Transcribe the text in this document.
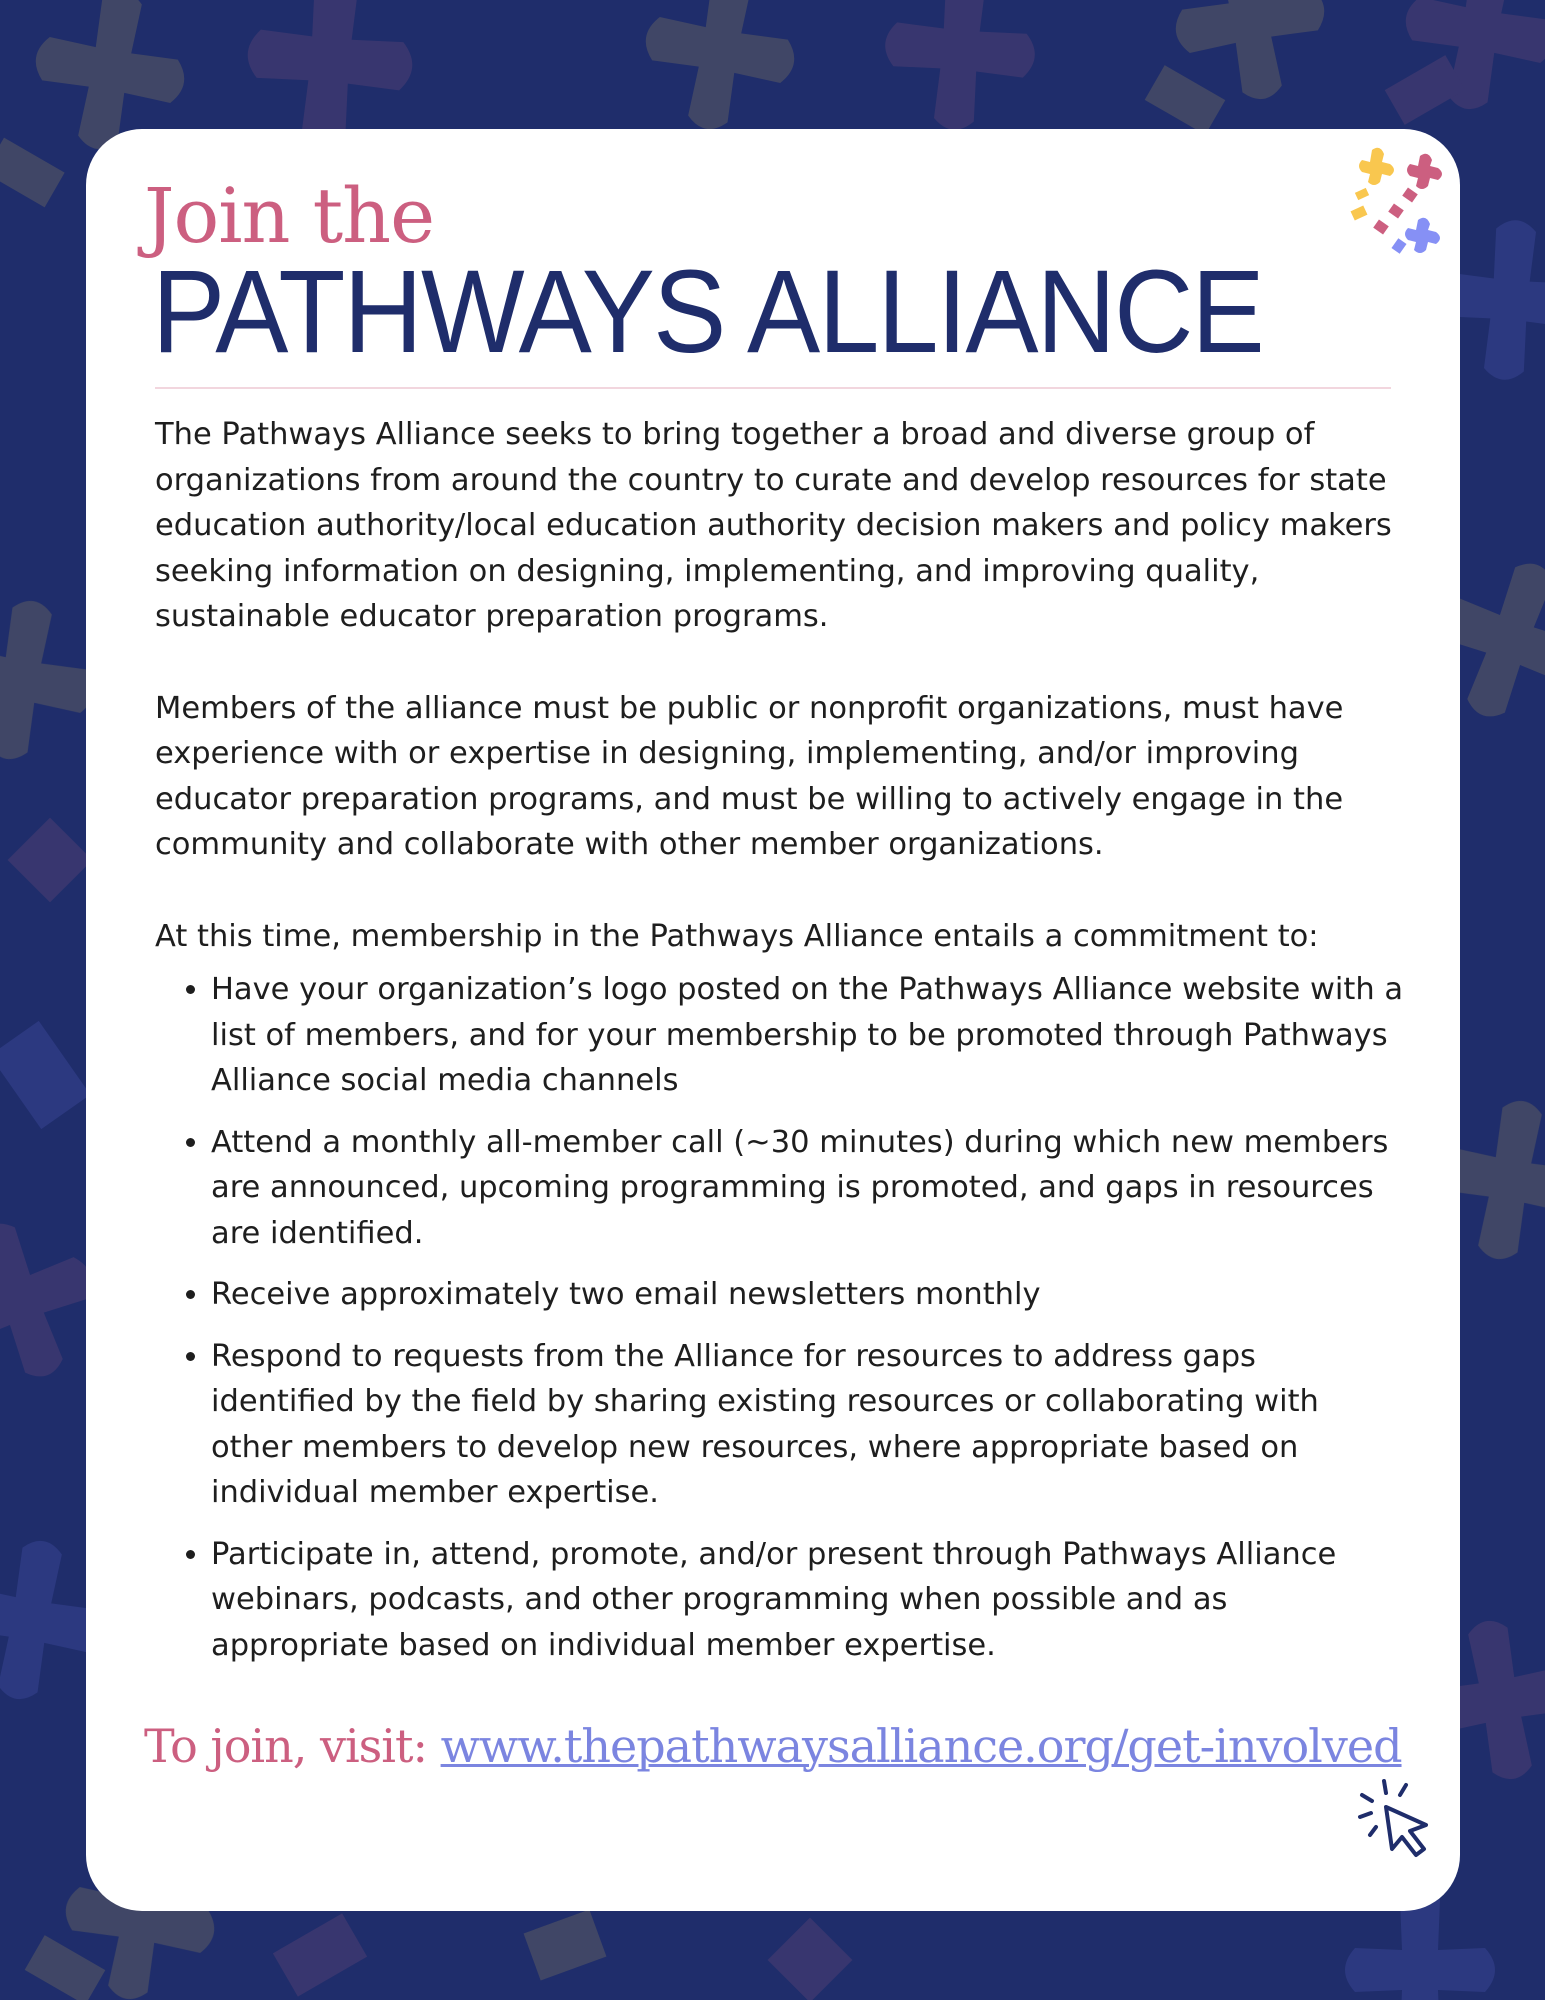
Join the
PATHWAYS ALLIANCE

The Pathways Alliance seeks to bring together a broad and diverse group of organizations from around the country to curate and develop resources for state education authority/local education authority decision makers and policy makers seeking information on designing, implementing, and improving quality, sustainable educator preparation programs.

Members of the alliance must be public or nonprofit organizations, must have experience with or expertise in designing, implementing, and/or improving educator preparation programs, and must be willing to actively engage in the community and collaborate with other member organizations.

At this time, membership in the Pathways Alliance entails a commitment to:

• Have your organization’s logo posted on the Pathways Alliance website with a list of members, and for your membership to be promoted through Pathways Alliance social media channels
• Attend a monthly all-member call (~30 minutes) during which new members are announced, upcoming programming is promoted, and gaps in resources are identified.
• Receive approximately two email newsletters monthly
• Respond to requests from the Alliance for resources to address gaps identified by the field by sharing existing resources or collaborating with other members to develop new resources, where appropriate based on individual member expertise.
• Participate in, attend, promote, and/or present through Pathways Alliance webinars, podcasts, and other programming when possible and as appropriate based on individual member expertise.
To join, visit: www.thepathwaysalliance.org/get-involved
